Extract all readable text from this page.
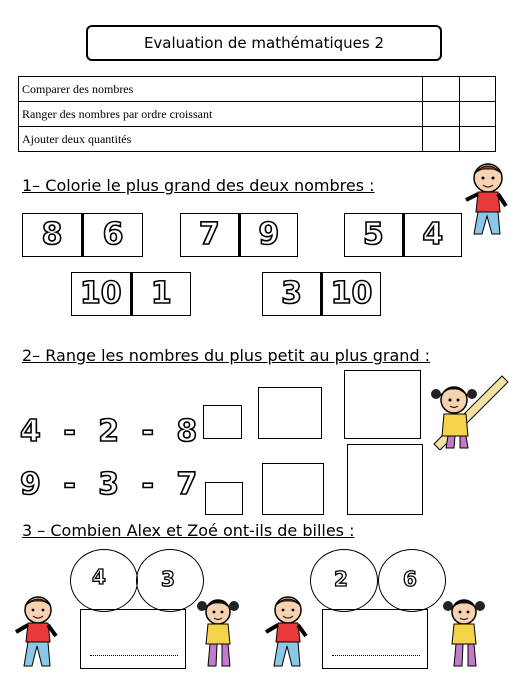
Evaluation de mathématiques 2
Comparer des nombres		
Ranger des nombres par ordre croissant		
Ajouter deux quantités		
1– Colorie le plus grand des deux nombres :
8 6	7 9	5 4
10 1	3 10
2– Range les nombres du plus petit au plus grand :
4 - 2 - 8
9 - 3 - 7
3 – Combien Alex et Zoé ont-ils de billes :
4	3	2	6
